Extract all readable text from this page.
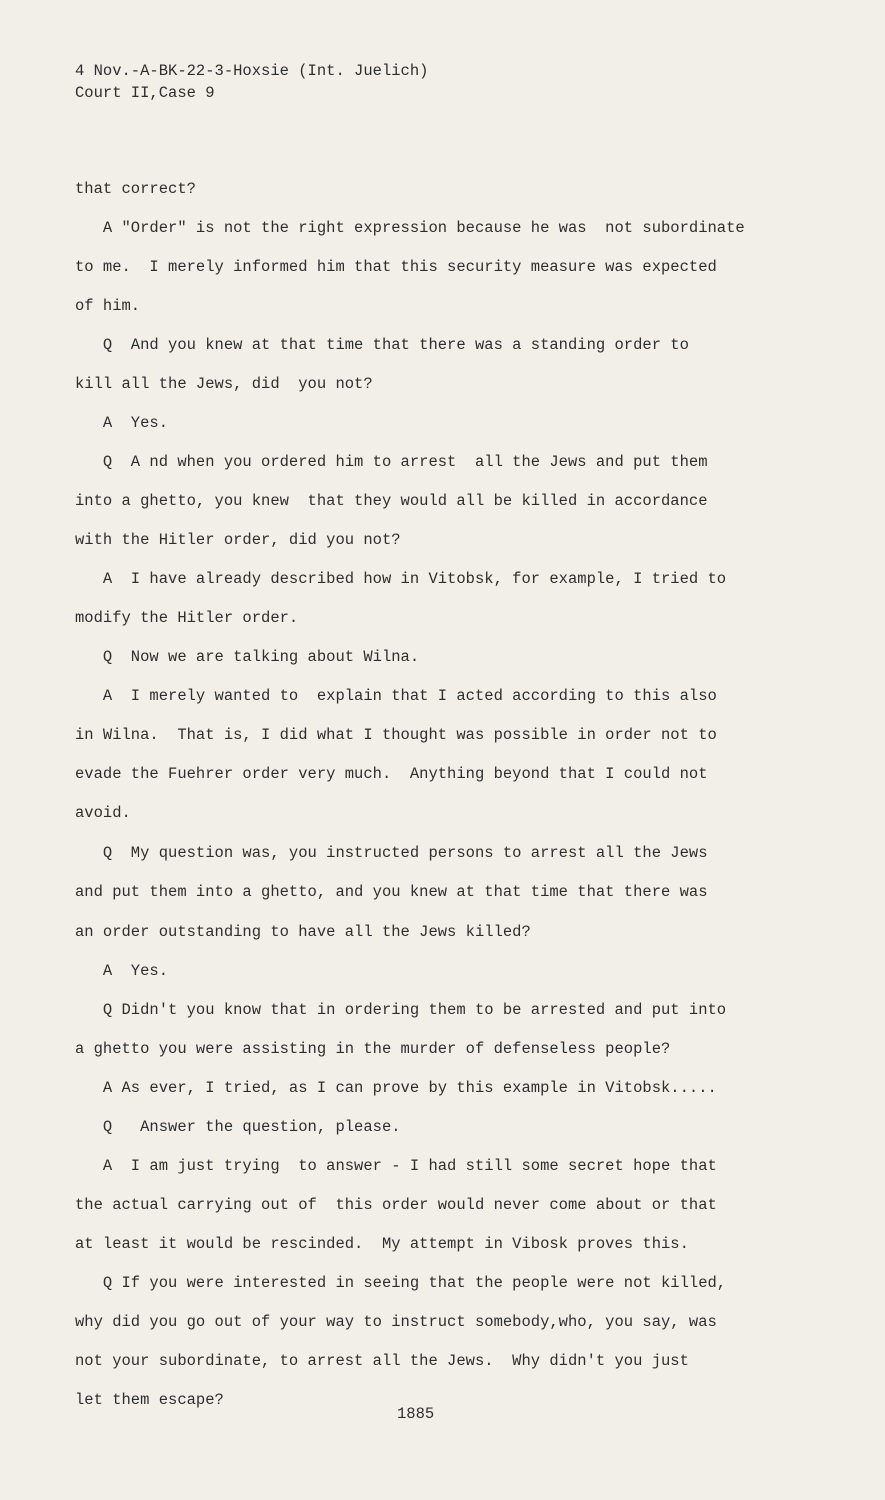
4 Nov.-A-BK-22-3-Hoxsie (Int. Juelich)
Court II,Case 9
that correct?
A "Order" is not the right expression because he was  not subordinate
to me.  I merely informed him that this security measure was expected
of him.
Q  And you knew at that time that there was a standing order to
kill all the Jews, did  you not?
A  Yes.
Q  A nd when you ordered him to arrest  all the Jews and put them
into a ghetto, you knew  that they would all be killed in accordance
with the Hitler order, did you not?
A  I have already described how in Vitobsk, for example, I tried to
modify the Hitler order.
Q  Now we are talking about Wilna.
A  I merely wanted to  explain that I acted according to this also
in Wilna.  That is, I did what I thought was possible in order not to
evade the Fuehrer order very much.  Anything beyond that I could not
avoid.
Q  My question was, you instructed persons to arrest all the Jews
and put them into a ghetto, and you knew at that time that there was
an order outstanding to have all the Jews killed?
A  Yes.
Q Didn't you know that in ordering them to be arrested and put into
a ghetto you were assisting in the murder of defenseless people?
A As ever, I tried, as I can prove by this example in Vitobsk.....
Q   Answer the question, please.
A  I am just trying  to answer - I had still some secret hope that
the actual carrying out of  this order would never come about or that
at least it would be rescinded.  My attempt in Vibosk proves this.
Q If you were interested in seeing that the people were not killed,
why did you go out of your way to instruct somebody,who, you say, was
not your subordinate, to arrest all the Jews.  Why didn't you just
let them escape?
1885
